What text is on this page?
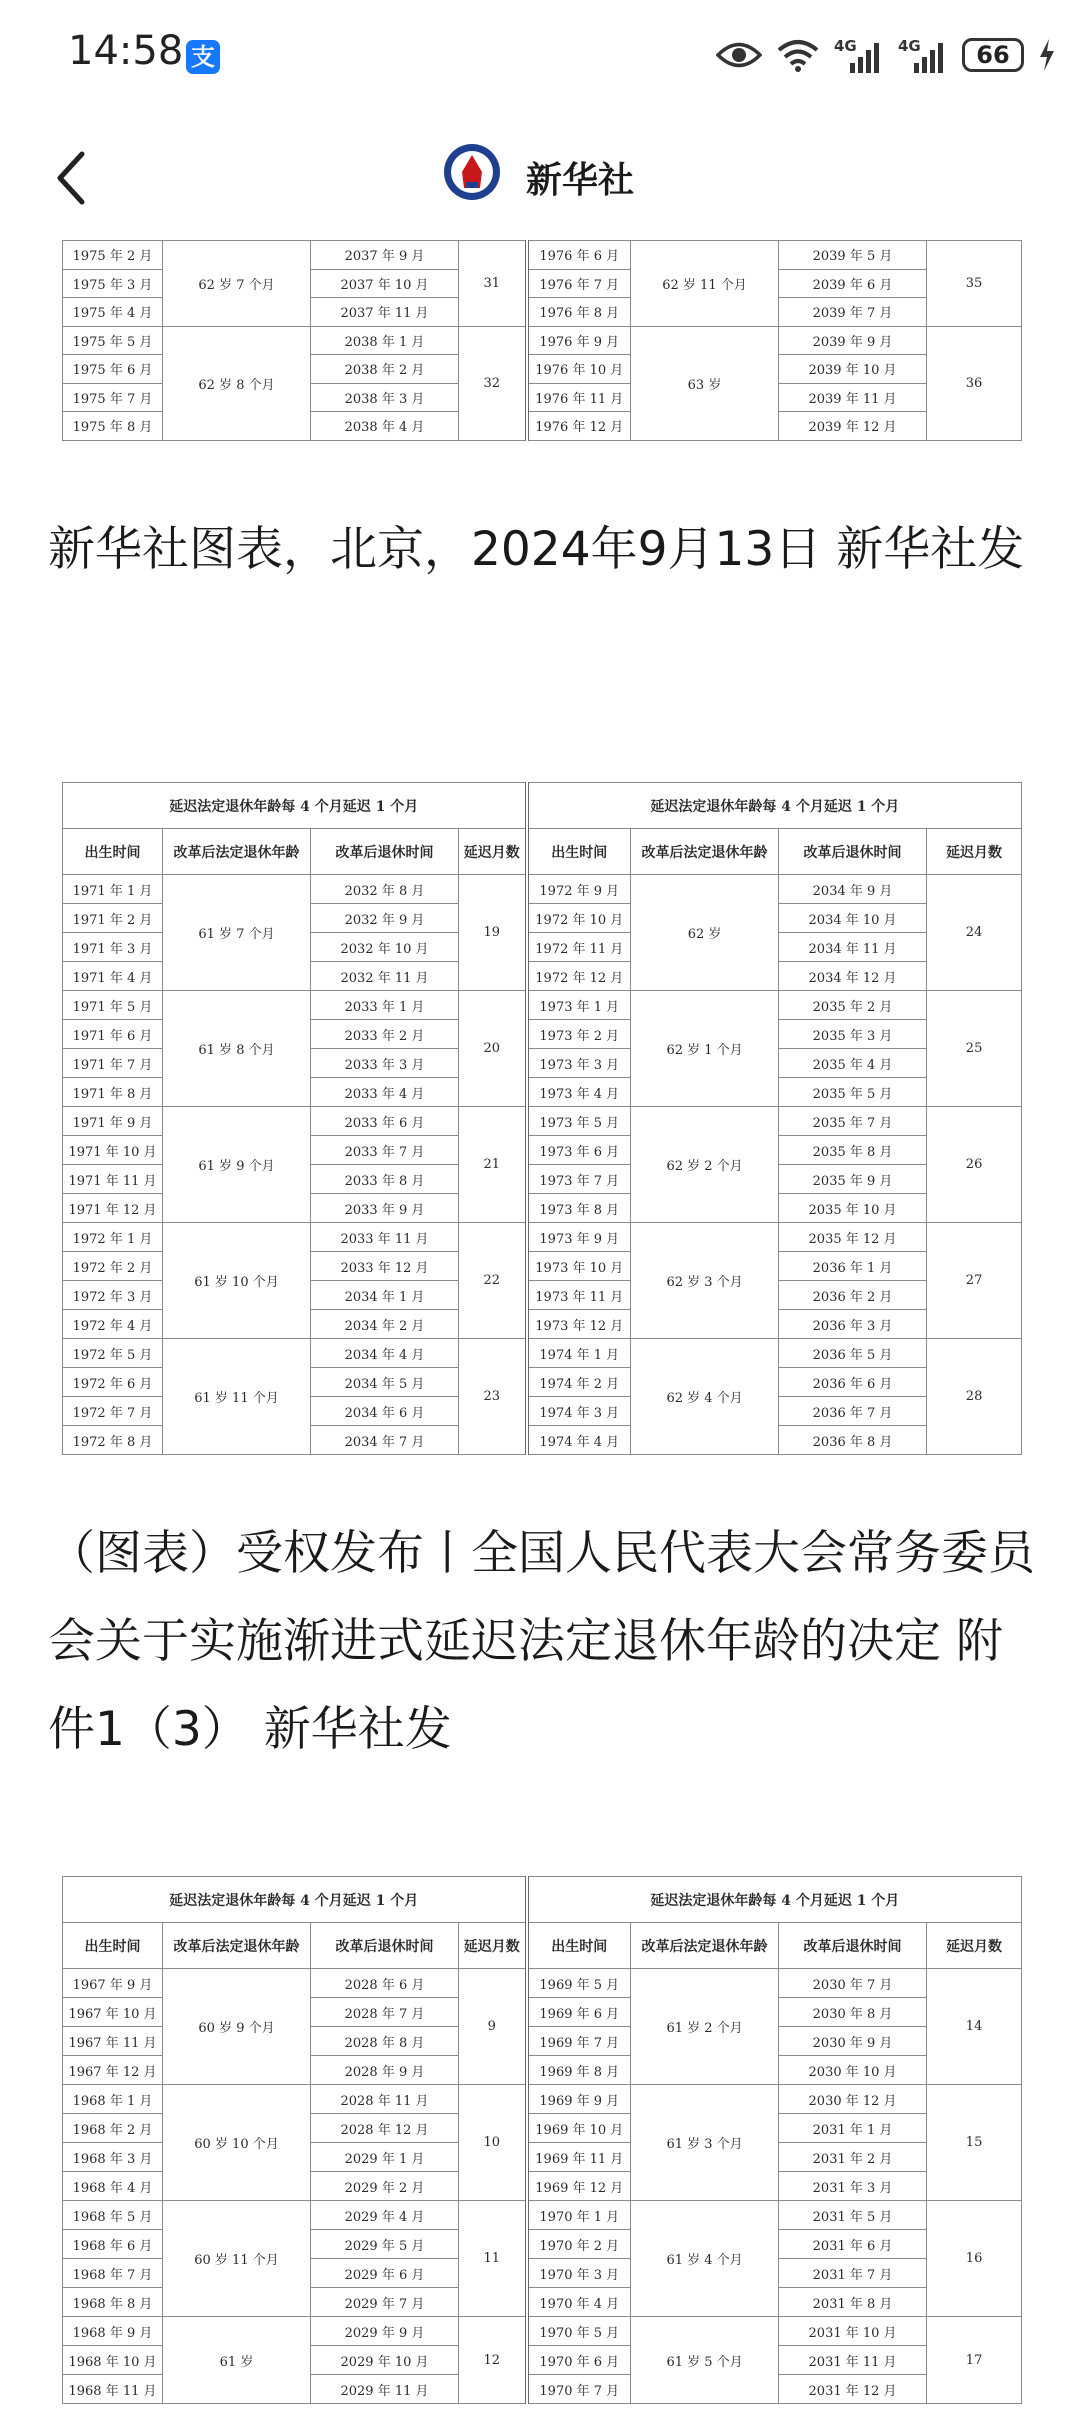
14:58 支	4G	4G	66
新华社
1975 年 2 月	62 岁 7 个月	2037 年 9 月	31	1976 年 6 月	62 岁 11 个月	2039 年 5 月	35
1975 年 3 月		2037 年 10 月		1976 年 7 月		2039 年 6 月	
1975 年 4 月		2037 年 11 月		1976 年 8 月		2039 年 7 月	
1975 年 5 月	62 岁 8 个月	2038 年 1 月	32	1976 年 9 月	63 岁	2039 年 9 月	36
1975 年 6 月		2038 年 2 月		1976 年 10 月		2039 年 10 月	
1975 年 7 月		2038 年 3 月		1976 年 11 月		2039 年 11 月	
1975 年 8 月		2038 年 4 月		1976 年 12 月		2039 年 12 月	
新华社图表，北京，2024年9月13日 新华社发
延迟法定退休年龄每 4 个月延迟 1 个月				延迟法定退休年龄每 4 个月延迟 1 个月			
出生时间	改革后法定退休年龄	改革后退休时间	延迟月数	出生时间	改革后法定退休年龄	改革后退休时间	延迟月数
1971 年 1 月	61 岁 7 个月	2032 年 8 月	19	1972 年 9 月	62 岁	2034 年 9 月	24
1971 年 2 月		2032 年 9 月		1972 年 10 月		2034 年 10 月	
1971 年 3 月		2032 年 10 月		1972 年 11 月		2034 年 11 月	
1971 年 4 月		2032 年 11 月		1972 年 12 月		2034 年 12 月	
1971 年 5 月	61 岁 8 个月	2033 年 1 月	20	1973 年 1 月	62 岁 1 个月	2035 年 2 月	25
1971 年 6 月		2033 年 2 月		1973 年 2 月		2035 年 3 月	
1971 年 7 月		2033 年 3 月		1973 年 3 月		2035 年 4 月	
1971 年 8 月		2033 年 4 月		1973 年 4 月		2035 年 5 月	
1971 年 9 月	61 岁 9 个月	2033 年 6 月	21	1973 年 5 月	62 岁 2 个月	2035 年 7 月	26
1971 年 10 月		2033 年 7 月		1973 年 6 月		2035 年 8 月	
1971 年 11 月		2033 年 8 月		1973 年 7 月		2035 年 9 月	
1971 年 12 月		2033 年 9 月		1973 年 8 月		2035 年 10 月	
1972 年 1 月	61 岁 10 个月	2033 年 11 月	22	1973 年 9 月	62 岁 3 个月	2035 年 12 月	27
1972 年 2 月		2033 年 12 月		1973 年 10 月		2036 年 1 月	
1972 年 3 月		2034 年 1 月		1973 年 11 月		2036 年 2 月	
1972 年 4 月		2034 年 2 月		1973 年 12 月		2036 年 3 月	
1972 年 5 月	61 岁 11 个月	2034 年 4 月	23	1974 年 1 月	62 岁 4 个月	2036 年 5 月	28
1972 年 6 月		2034 年 5 月		1974 年 2 月		2036 年 6 月	
1972 年 7 月		2034 年 6 月		1974 年 3 月		2036 年 7 月	
1972 年 8 月		2034 年 7 月		1974 年 4 月		2036 年 8 月	
（图表）受权发布丨全国人民代表大会常务委员会关于实施渐进式延迟法定退休年龄的决定 附件1（3） 新华社发
延迟法定退休年龄每 4 个月延迟 1 个月				延迟法定退休年龄每 4 个月延迟 1 个月			
出生时间	改革后法定退休年龄	改革后退休时间	延迟月数	出生时间	改革后法定退休年龄	改革后退休时间	延迟月数
1967 年 9 月	60 岁 9 个月	2028 年 6 月	9	1969 年 5 月	61 岁 2 个月	2030 年 7 月	14
1967 年 10 月		2028 年 7 月		1969 年 6 月		2030 年 8 月	
1967 年 11 月		2028 年 8 月		1969 年 7 月		2030 年 9 月	
1967 年 12 月		2028 年 9 月		1969 年 8 月		2030 年 10 月	
1968 年 1 月	60 岁 10 个月	2028 年 11 月	10	1969 年 9 月	61 岁 3 个月	2030 年 12 月	15
1968 年 2 月		2028 年 12 月		1969 年 10 月		2031 年 1 月	
1968 年 3 月		2029 年 1 月		1969 年 11 月		2031 年 2 月	
1968 年 4 月		2029 年 2 月		1969 年 12 月		2031 年 3 月	
1968 年 5 月	60 岁 11 个月	2029 年 4 月	11	1970 年 1 月	61 岁 4 个月	2031 年 5 月	16
1968 年 6 月		2029 年 5 月		1970 年 2 月		2031 年 6 月	
1968 年 7 月		2029 年 6 月		1970 年 3 月		2031 年 7 月	
1968 年 8 月		2029 年 7 月		1970 年 4 月		2031 年 8 月	
1968 年 9 月	61 岁	2029 年 9 月	12	1970 年 5 月	61 岁 5 个月	2031 年 10 月	17
1968 年 10 月		2029 年 10 月		1970 年 6 月		2031 年 11 月	
1968 年 11 月		2029 年 11 月		1970 年 7 月		2031 年 12 月	
